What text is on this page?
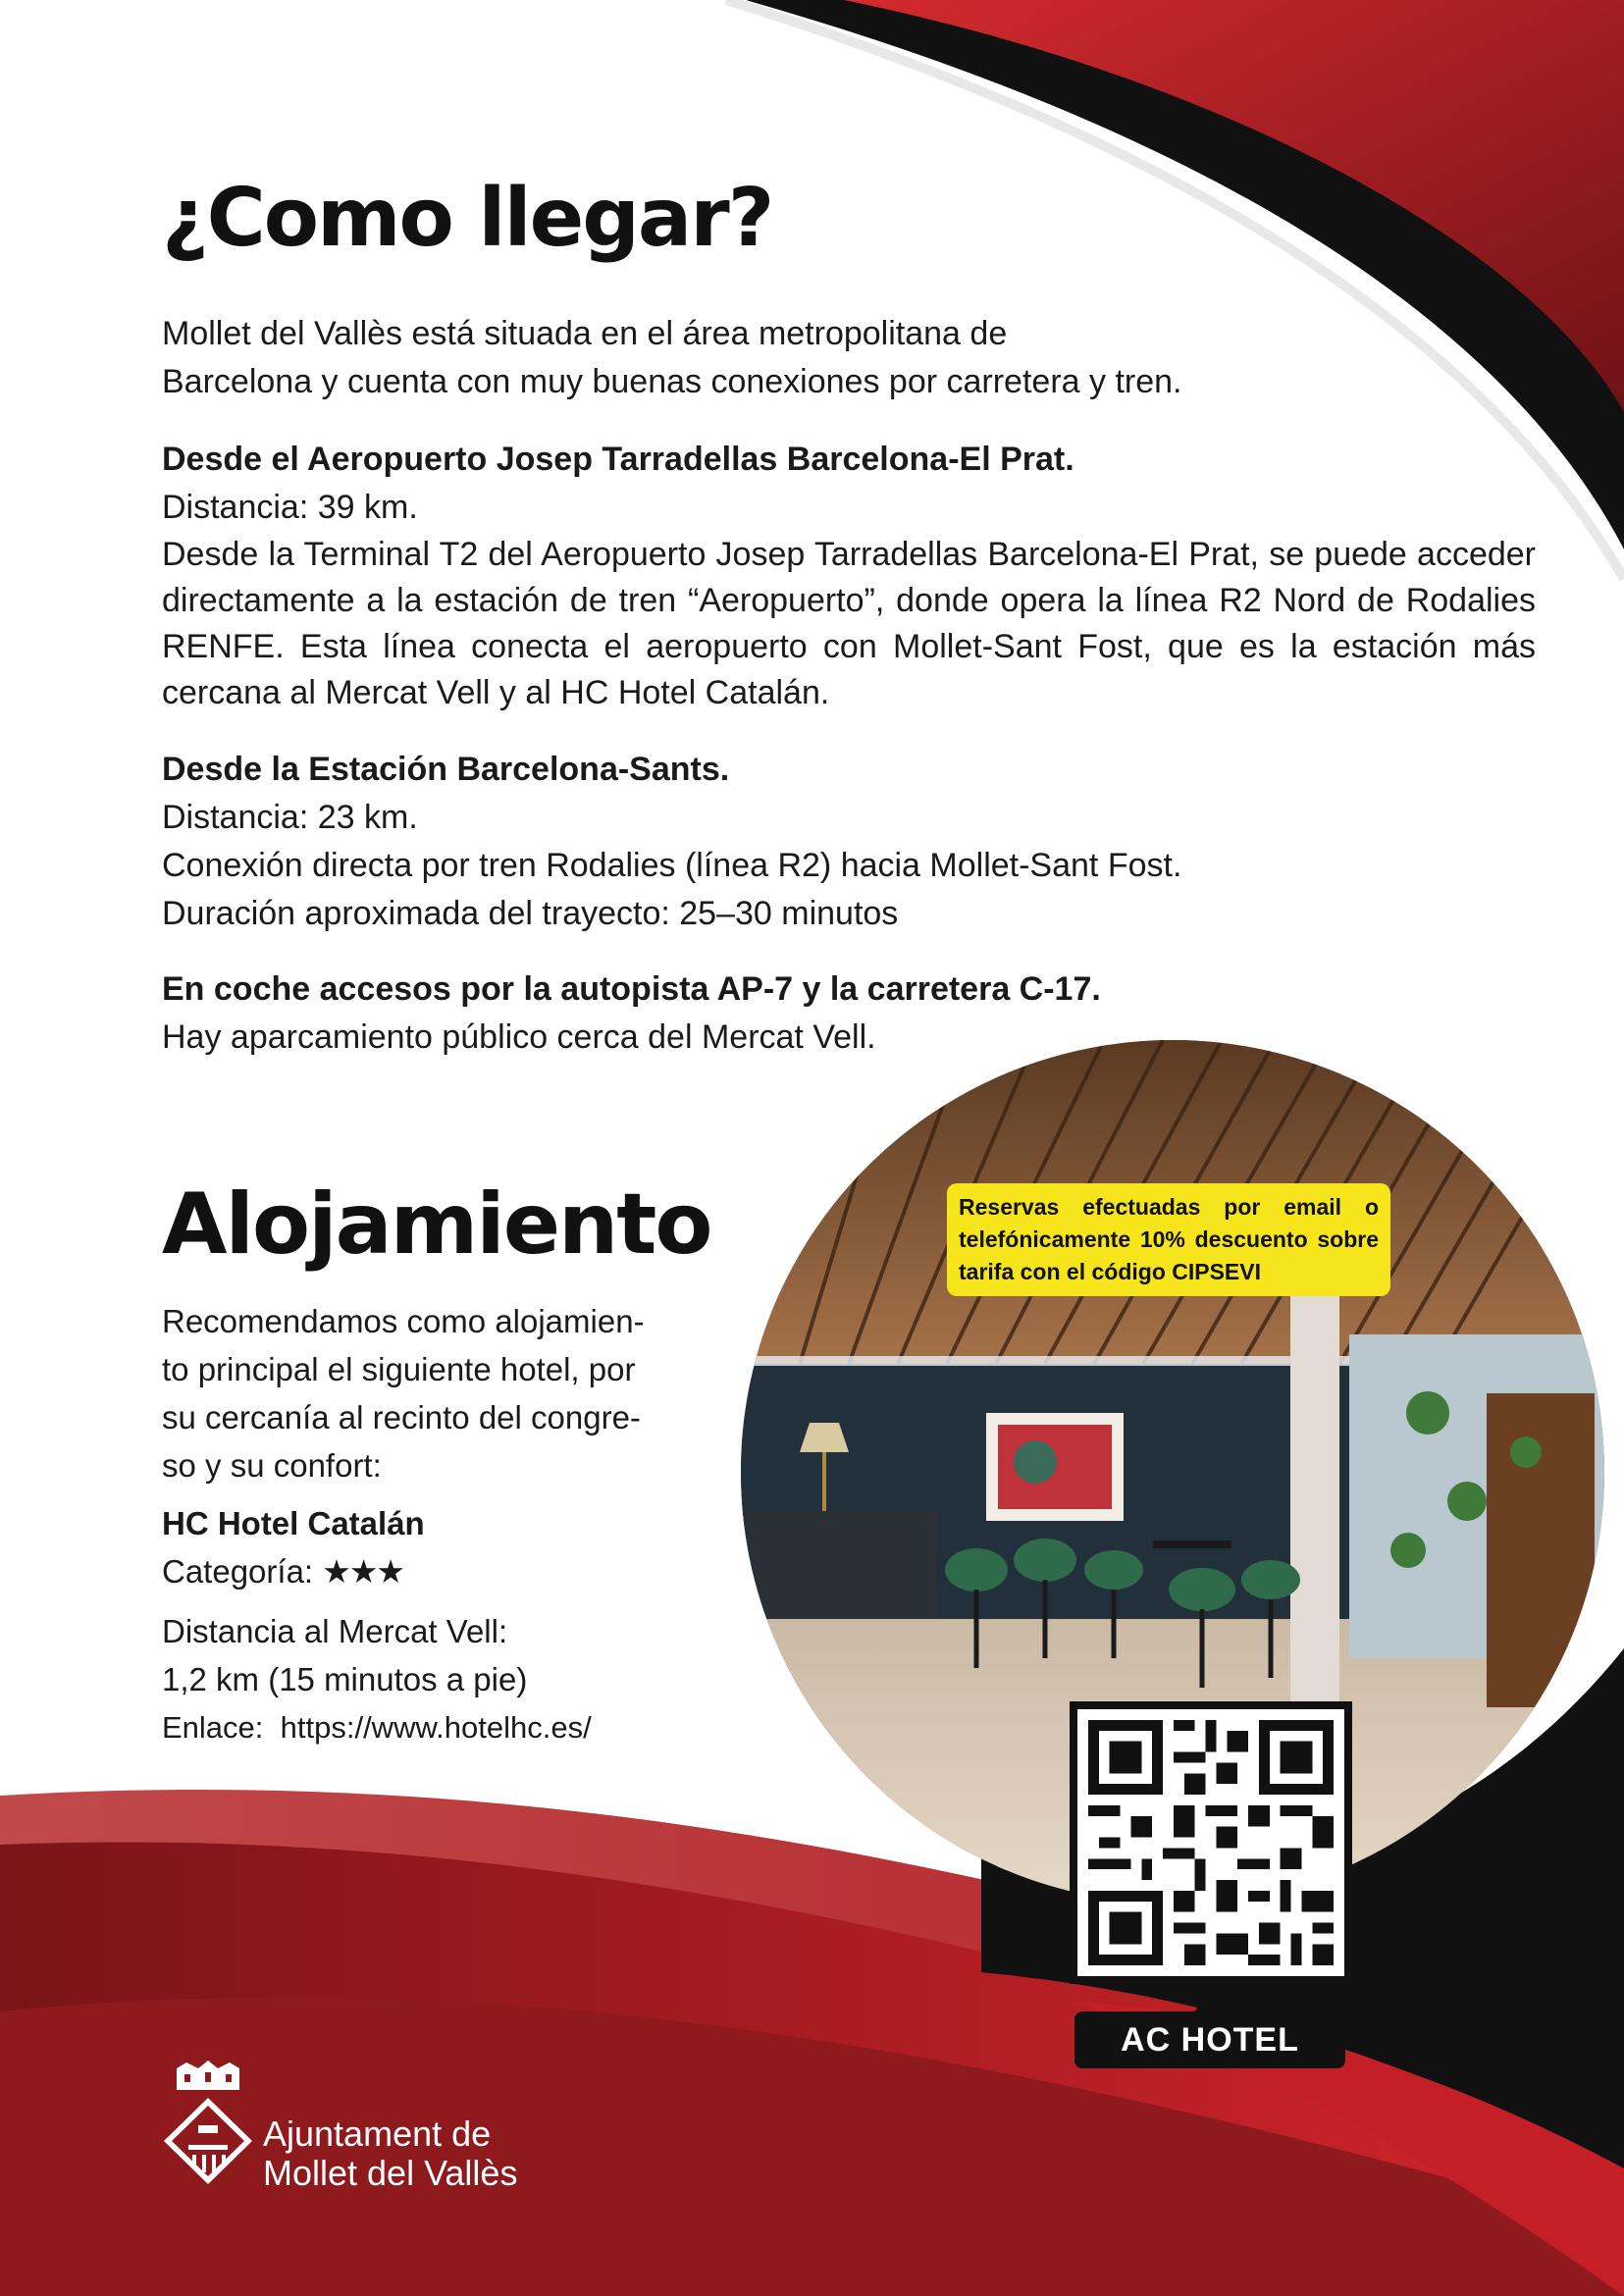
¿Como llegar?

Mollet del Vallès está situada en el área metropolitana de

Barcelona y cuenta con muy buenas conexiones por carretera y tren.

Desde el Aeropuerto Josep Tarradellas Barcelona-El Prat.

Distancia: 39 km.

Desde la Terminal T2 del Aeropuerto Josep Tarradellas Barcelona-El Prat, se puede acceder directamente a la estación de tren “Aeropuerto”, donde opera la línea R2 Nord de Rodalies RENFE. Esta línea conecta el aeropuerto con Mollet-Sant Fost, que es la estación más cercana al Mercat Vell y al HC Hotel Catalán.

Desde la Estación Barcelona-Sants.

Distancia: 23 km.

Conexión directa por tren Rodalies (línea R2) hacia Mollet-Sant Fost.

Duración aproximada del trayecto: 25–30 minutos

En coche accesos por la autopista AP-7 y la carretera C-17.

Hay aparcamiento público cerca del Mercat Vell.

Alojamiento

Recomendamos como alojamien-

to principal el siguiente hotel, por

su cercanía al recinto del congre-

so y su confort:

HC Hotel Catalán

Categoría: ★★★

Distancia al Mercat Vell:

1,2 km (15 minutos a pie)

Enlace: https://www.hotelhc.es/

Reservas efectuadas por email o telefónicamente 10% descuento sobre tarifa con el código CIPSEVI
AC HOTEL
Ajuntament de
Mollet del Vallès
